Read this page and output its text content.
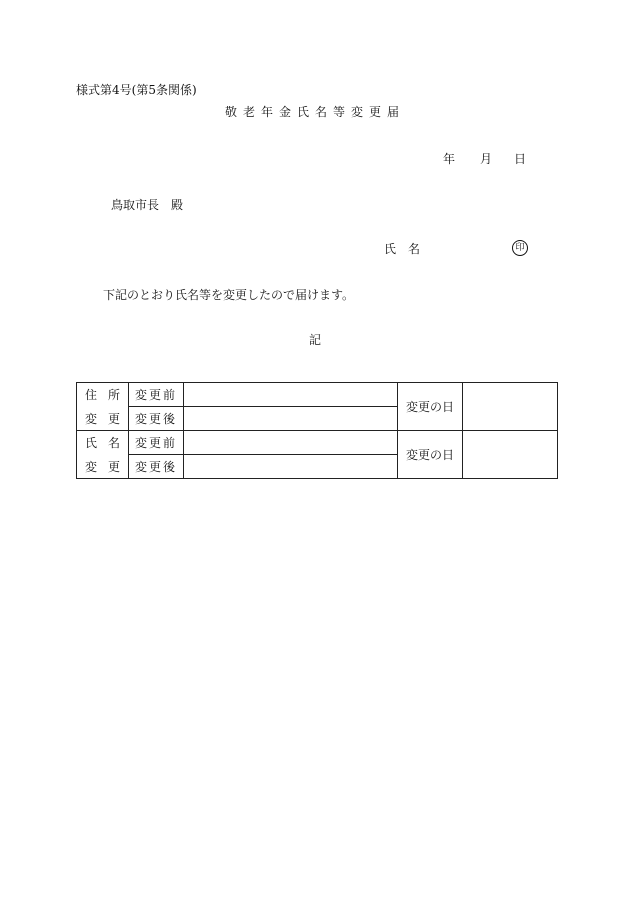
様式第4号(第5条関係)
敬老年金氏名等変更届
年 月 日
鳥取市長　殿
氏　名	印
下記のとおり氏名等を変更したので届けます。
記
住 所
変 更	変更前		変更の日	
	変更後			

氏 名
変 更	変更前		変更の日	
	変更後			
